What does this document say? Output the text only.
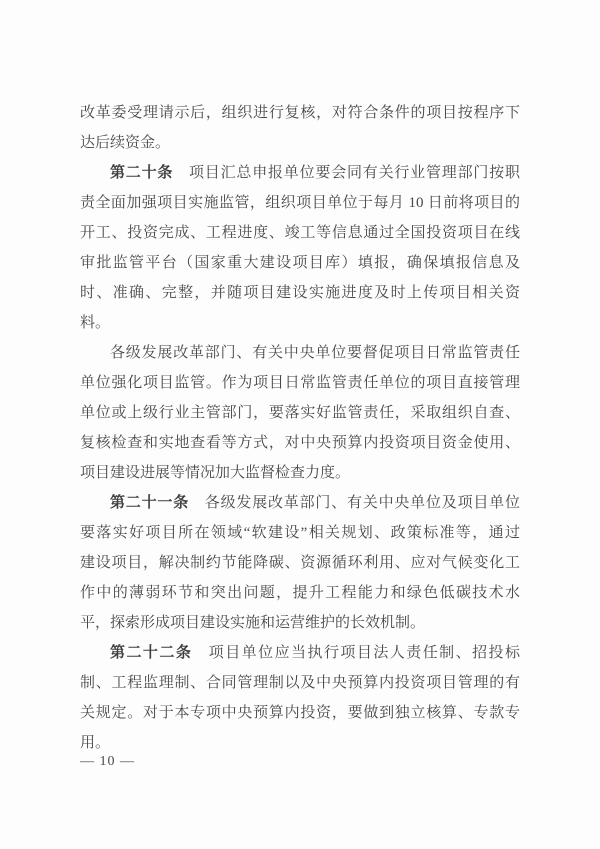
改革委受理请示后，组织进行复核，对符合条件的项目按程序下
达后续资金。
第二十条　项目汇总申报单位要会同有关行业管理部门按职
责全面加强项目实施监管，组织项目单位于每月 10 日前将项目的
开工、投资完成、工程进度、竣工等信息通过全国投资项目在线
审批监管平台（国家重大建设项目库）填报，确保填报信息及
时、准确、完整，并随项目建设实施进度及时上传项目相关资
料。
各级发展改革部门、有关中央单位要督促项目日常监管责任
单位强化项目监管。作为项目日常监管责任单位的项目直接管理
单位或上级行业主管部门，要落实好监管责任，采取组织自查、
复核检查和实地查看等方式，对中央预算内投资项目资金使用、
项目建设进展等情况加大监督检查力度。
第二十一条　各级发展改革部门、有关中央单位及项目单位
要落实好项目所在领域“软建设”相关规划、政策标准等，通过
建设项目，解决制约节能降碳、资源循环利用、应对气候变化工
作中的薄弱环节和突出问题，提升工程能力和绿色低碳技术水
平，探索形成项目建设实施和运营维护的长效机制。
第二十二条　项目单位应当执行项目法人责任制、招投标
制、工程监理制、合同管理制以及中央预算内投资项目管理的有
关规定。对于本专项中央预算内投资，要做到独立核算、专款专
用。
— 10 —
